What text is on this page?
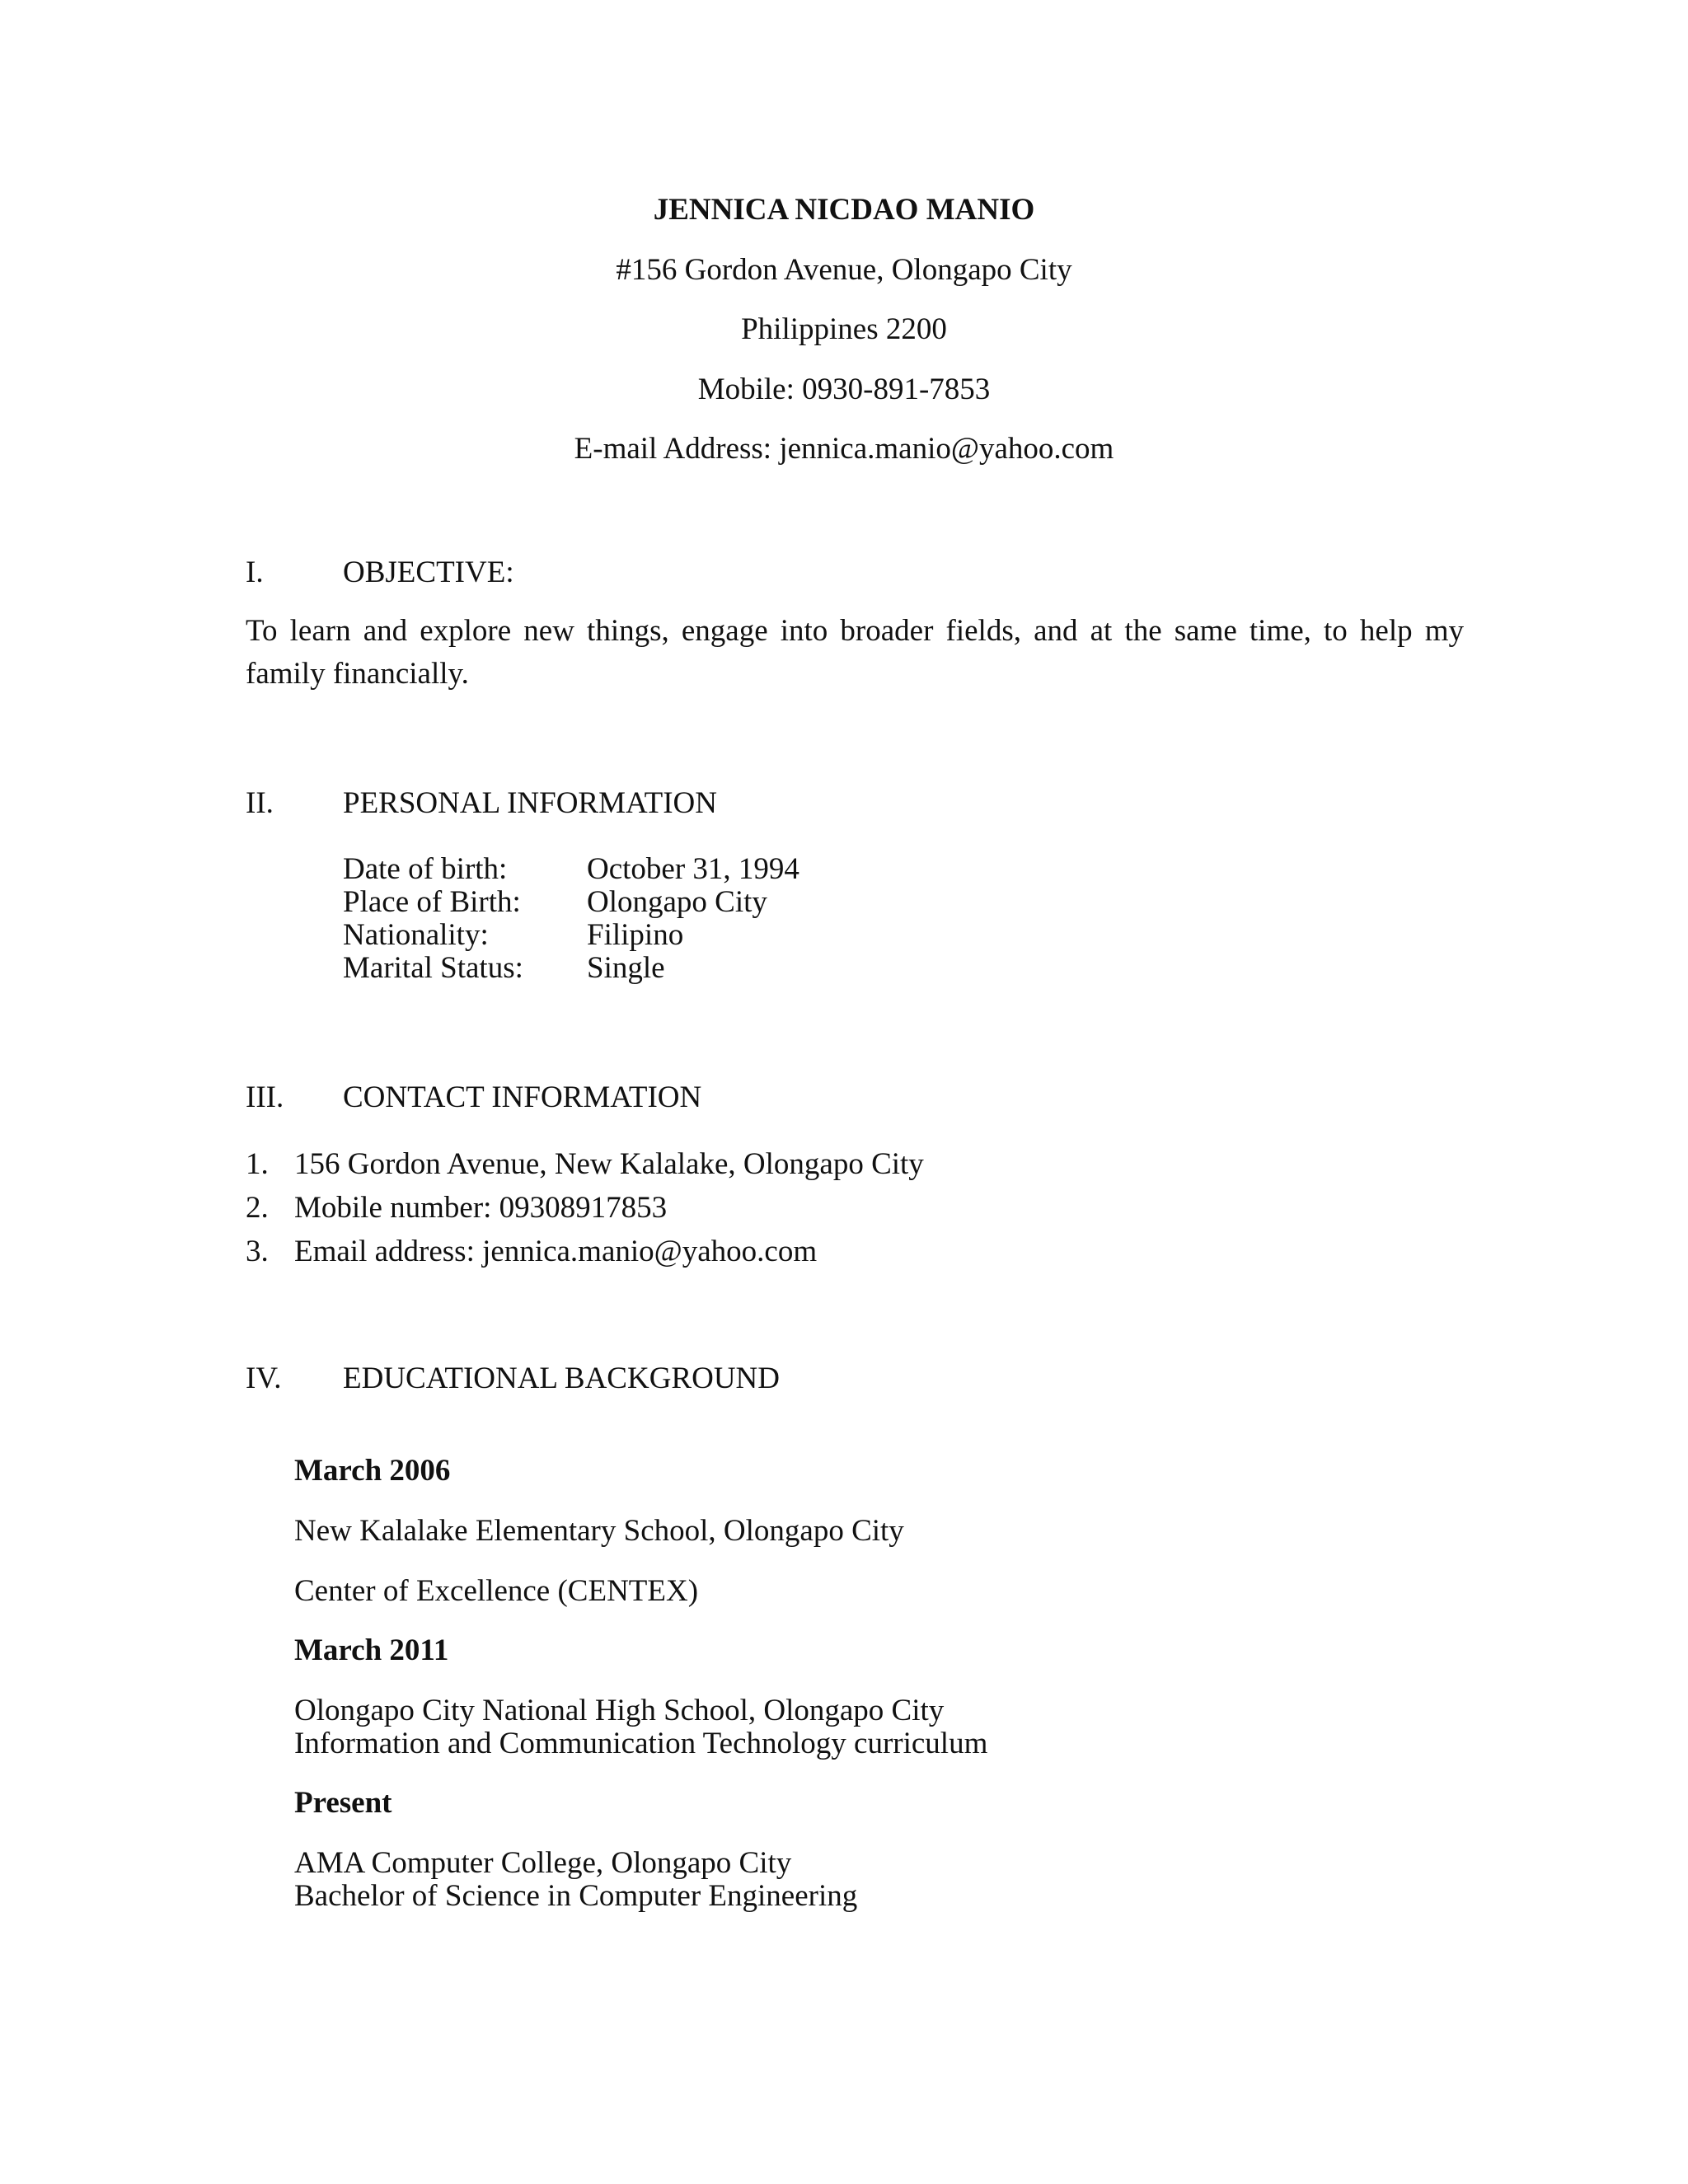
JENNICA NICDAO MANIO
#156 Gordon Avenue, Olongapo City
Philippines 2200
Mobile: 0930-891-7853
E-mail Address: jennica.manio@yahoo.com
I.	OBJECTIVE:
To learn and explore new things, engage into broader fields, and at the same time, to help my family financially.
II. PERSONAL INFORMATION
Date of birth:	October 31, 1994
Place of Birth: Olongapo City
Nationality:	Filipino
Marital Status: Single
III. CONTACT INFORMATION
1. 156 Gordon Avenue, New Kalalake, Olongapo City
2. Mobile number: 09308917853
3. Email address: jennica.manio@yahoo.com
IV. EDUCATIONAL BACKGROUND
March 2006
New Kalalake Elementary School, Olongapo City
Center of Excellence (CENTEX)
March 2011
Olongapo City National High School, Olongapo City
Information and Communication Technology curriculum
Present
AMA Computer College, Olongapo City
Bachelor of Science in Computer Engineering
